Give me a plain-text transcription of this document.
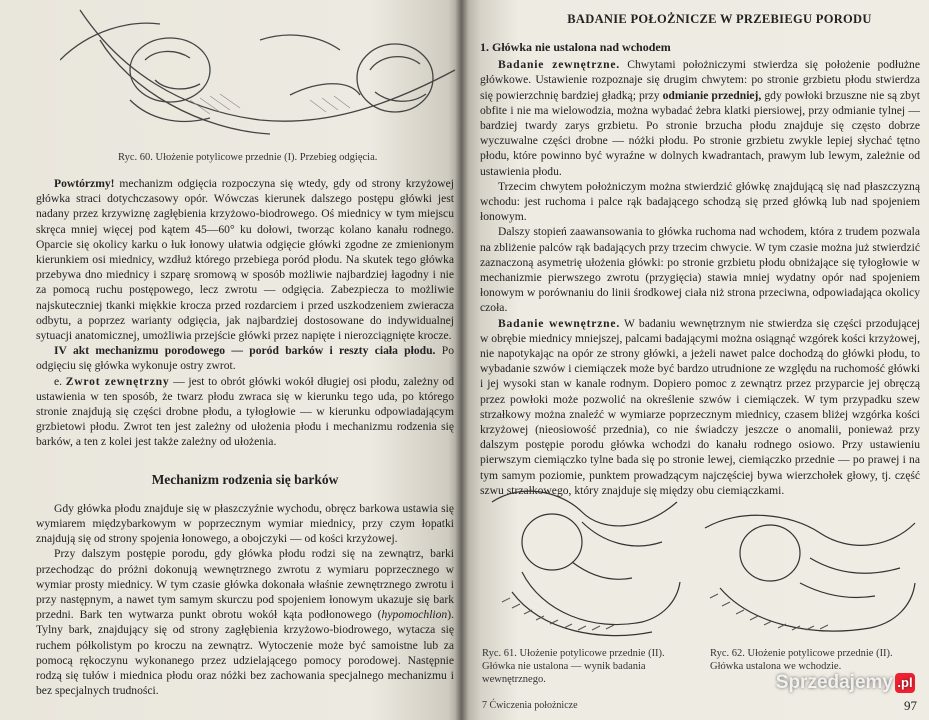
Ryc. 60. Ułożenie potylicowe przednie (I). Przebieg odgięcia.

Powtórzmy! mechanizm odgięcia rozpoczyna się wtedy, gdy od strony krzyżowej główka straci dotychczasowy opór. Wówczas kierunek dalszego postępu główki jest nadany przez krzywiznę zagłębienia krzyżowo-biodrowego. Oś miednicy w tym miejscu skręca mniej więcej pod kątem 45—60° ku dołowi, tworząc kolano kanału rodnego. Oparcie się okolicy karku o łuk łonowy ułatwia odgięcie główki zgodne ze zmienionym kierunkiem osi miednicy, wzdłuż którego przebiega poród płodu. Na skutek tego główka przebywa dno miednicy i szparę sromową w sposób możliwie najbardziej łagodny i nie za pomocą ruchu postępowego, lecz zwrotu — odgięcia. Zabezpiecza to możliwie najskuteczniej tkanki miękkie krocza przed rozdarciem i przed uszkodzeniem zwieracza odbytu, a poprzez warianty odgięcia, jak najbardziej dostosowane do indywidualnej sytuacji anatomicznej, umożliwia przejście główki przez napięte i nierozciągnięte krocze.

IV akt mechanizmu porodowego — poród barków i reszty ciała płodu. Po odgięciu się główka wykonuje ostry zwrot.

e. Zwrot zewnętrzny — jest to obrót główki wokół długiej osi płodu, zależny od ustawienia w ten sposób, że twarz płodu zwraca się w kierunku tego uda, po którego stronie znajdują się części drobne płodu, a tyłogłowie — w kierunku odpowiadającym grzbietowi płodu. Zwrot ten jest zależny od ułożenia płodu i mechanizmu rodzenia się barków, a ten z kolei jest także zależny od ułożenia.

Mechanizm rodzenia się barków

Gdy główka płodu znajduje się w płaszczyźnie wychodu, obręcz barkowa ustawia się wymiarem międzybarkowym w poprzecznym wymiar miednicy, przy czym łopatki znajdują się od strony spojenia łonowego, a obojczyki — od kości krzyżowej.

Przy dalszym postępie porodu, gdy główka płodu rodzi się na zewnątrz, barki przechodząc do próżni dokonują wewnętrznego zwrotu z wymiaru poprzecznego w wymiar prosty miednicy. W tym czasie główka dokonała właśnie zewnętrznego zwrotu i przy następnym, a nawet tym samym skurczu pod spojeniem łonowym ukazuje się bark przedni. Bark ten wytwarza punkt obrotu wokół kąta podłonowego (hypomochlion). Tylny bark, znajdujący się od strony zagłębienia krzyżowo-biodrowego, wytacza się ruchem półkolistym po kroczu na zewnątrz. Wytoczenie może być samoistne lub za pomocą rękoczynu wykonanego przez udzielającego pomocy porodowej. Następnie rodzą się tułów i miednica płodu oraz nóżki bez zachowania specjalnego mechanizmu i bez specjalnych trudności.

BADANIE POŁOŻNICZE W PRZEBIEGU PORODU

1. Główka nie ustalona nad wchodem

Badanie zewnętrzne. Chwytami położniczymi stwierdza się położenie podłużne główkowe. Ustawienie rozpoznaje się drugim chwytem: po stronie grzbietu płodu stwierdza się powierzchnię bardziej gładką; przy odmianie przedniej, gdy powłoki brzuszne nie są zbyt obfite i nie ma wielowodzia, można wybadać żebra klatki piersiowej, przy odmianie tylnej — bardziej twardy zarys grzbietu. Po stronie brzucha płodu znajduje się często dobrze wyczuwalne części drobne — nóżki płodu. Po stronie grzbietu zwykle lepiej słychać tętno płodu, które powinno być wyraźne w dolnych kwadrantach, prawym lub lewym, zależnie od ustawienia płodu.

Trzecim chwytem położniczym można stwierdzić główkę znajdującą się nad płaszczyzną wchodu: jest ruchoma i palce rąk badającego schodzą się przed główką lub nad spojeniem łonowym.

Dalszy stopień zaawansowania to główka ruchoma nad wchodem, która z trudem pozwala na zbliżenie palców rąk badających przy trzecim chwycie. W tym czasie można już stwierdzić zaznaczoną asymetrię ułożenia główki: po stronie grzbietu płodu obniżające się tyłogłowie w mechanizmie pierwszego zwrotu (przygięcia) stawia mniej wydatny opór nad spojeniem łonowym w porównaniu do linii środkowej ciała niż strona przeciwna, odpowiadająca okolicy czoła.

Badanie wewnętrzne. W badaniu wewnętrznym nie stwierdza się części przodującej w obrębie miednicy mniejszej, palcami badającymi można osiągnąć wzgórek kości krzyżowej, nie napotykając na opór ze strony główki, a jeżeli nawet palce dochodzą do główki płodu, to wybadanie szwów i ciemiączek może być bardzo utrudnione ze względu na ruchomość główki i jej wysoki stan w kanale rodnym. Dopiero pomoc z zewnątrz przez przyparcie jej obręczą przez powłoki może pozwolić na określenie szwów i ciemiączek. W tym przypadku szew strzałkowy można znaleźć w wymiarze poprzecznym miednicy, czasem bliżej wzgórka kości krzyżowej (nieosiowość przednia), co nie świadczy jeszcze o anomalii, ponieważ przy dalszym postępie porodu główka wchodzi do kanału rodnego osiowo. Przy ustawieniu pierwszym ciemiączko tylne bada się po stronie lewej, ciemiączko przednie — po prawej i na tym samym poziomie, punktem prowadzącym najczęściej bywa wierzchołek głowy, tj. część szwu strzałkowego, który znajduje się między obu ciemiączkami.

Ryc. 61. Ułożenie potylicowe przednie (II). Główka nie ustalona — wynik badania wewnętrznego.
Ryc. 62. Ułożenie potylicowe przednie (II). Główka ustalona we wchodzie.
7 Ćwiczenia położnicze	97
Sprzedajemy .pl
